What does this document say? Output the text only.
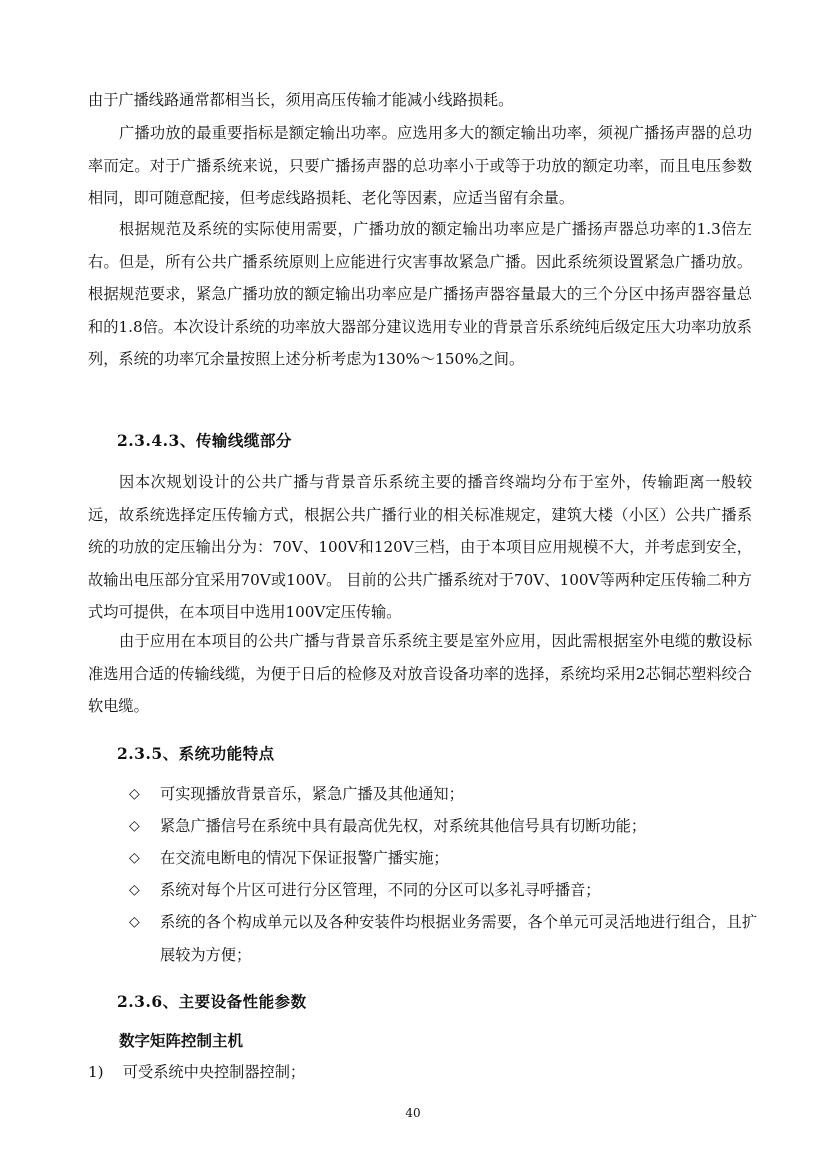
由于广播线路通常都相当长，须用高压传输才能减小线路损耗。
广播功放的最重要指标是额定输出功率。应选用多大的额定输出功率，须视广播扬声器的总功率而定。对于广播系统来说，只要广播扬声器的总功率小于或等于功放的额定功率，而且电压参数相同，即可随意配接，但考虑线路损耗、老化等因素，应适当留有余量。
根据规范及系统的实际使用需要，广播功放的额定输出功率应是广播扬声器总功率的1.3倍左右。但是，所有公共广播系统原则上应能进行灾害事故紧急广播。因此系统须设置紧急广播功放。根据规范要求，紧急广播功放的额定输出功率应是广播扬声器容量最大的三个分区中扬声器容量总和的1.8倍。本次设计系统的功率放大器部分建议选用专业的背景音乐系统纯后级定压大功率功放系列，系统的功率冗余量按照上述分析考虑为130%～150%之间。
2.3.4.3、传输线缆部分
因本次规划设计的公共广播与背景音乐系统主要的播音终端均分布于室外，传输距离一般较远，故系统选择定压传输方式，根据公共广播行业的相关标准规定，建筑大楼（小区）公共广播系统的功放的定压输出分为：70V、100V和120V三档，由于本项目应用规模不大，并考虑到安全，故输出电压部分宜采用70V或100V。 目前的公共广播系统对于70V、100V等两种定压传输二种方式均可提供，在本项目中选用100V定压传输。
由于应用在本项目的公共广播与背景音乐系统主要是室外应用，因此需根据室外电缆的敷设标准选用合适的传输线缆，为便于日后的检修及对放音设备功率的选择，系统均采用2芯铜芯塑料绞合软电缆。
2.3.5、系统功能特点
◇ 可实现播放背景音乐，紧急广播及其他通知；
◇ 紧急广播信号在系统中具有最高优先权，对系统其他信号具有切断功能；
◇ 在交流电断电的情况下保证报警广播实施；
◇ 系统对每个片区可进行分区管理，不同的分区可以多礼寻呼播音；
◇ 系统的各个构成单元以及各种安装件均根据业务需要，各个单元可灵活地进行组合，且扩展较为方便；
2.3.6、主要设备性能参数
数字矩阵控制主机
1) 可受系统中央控制器控制；
40
